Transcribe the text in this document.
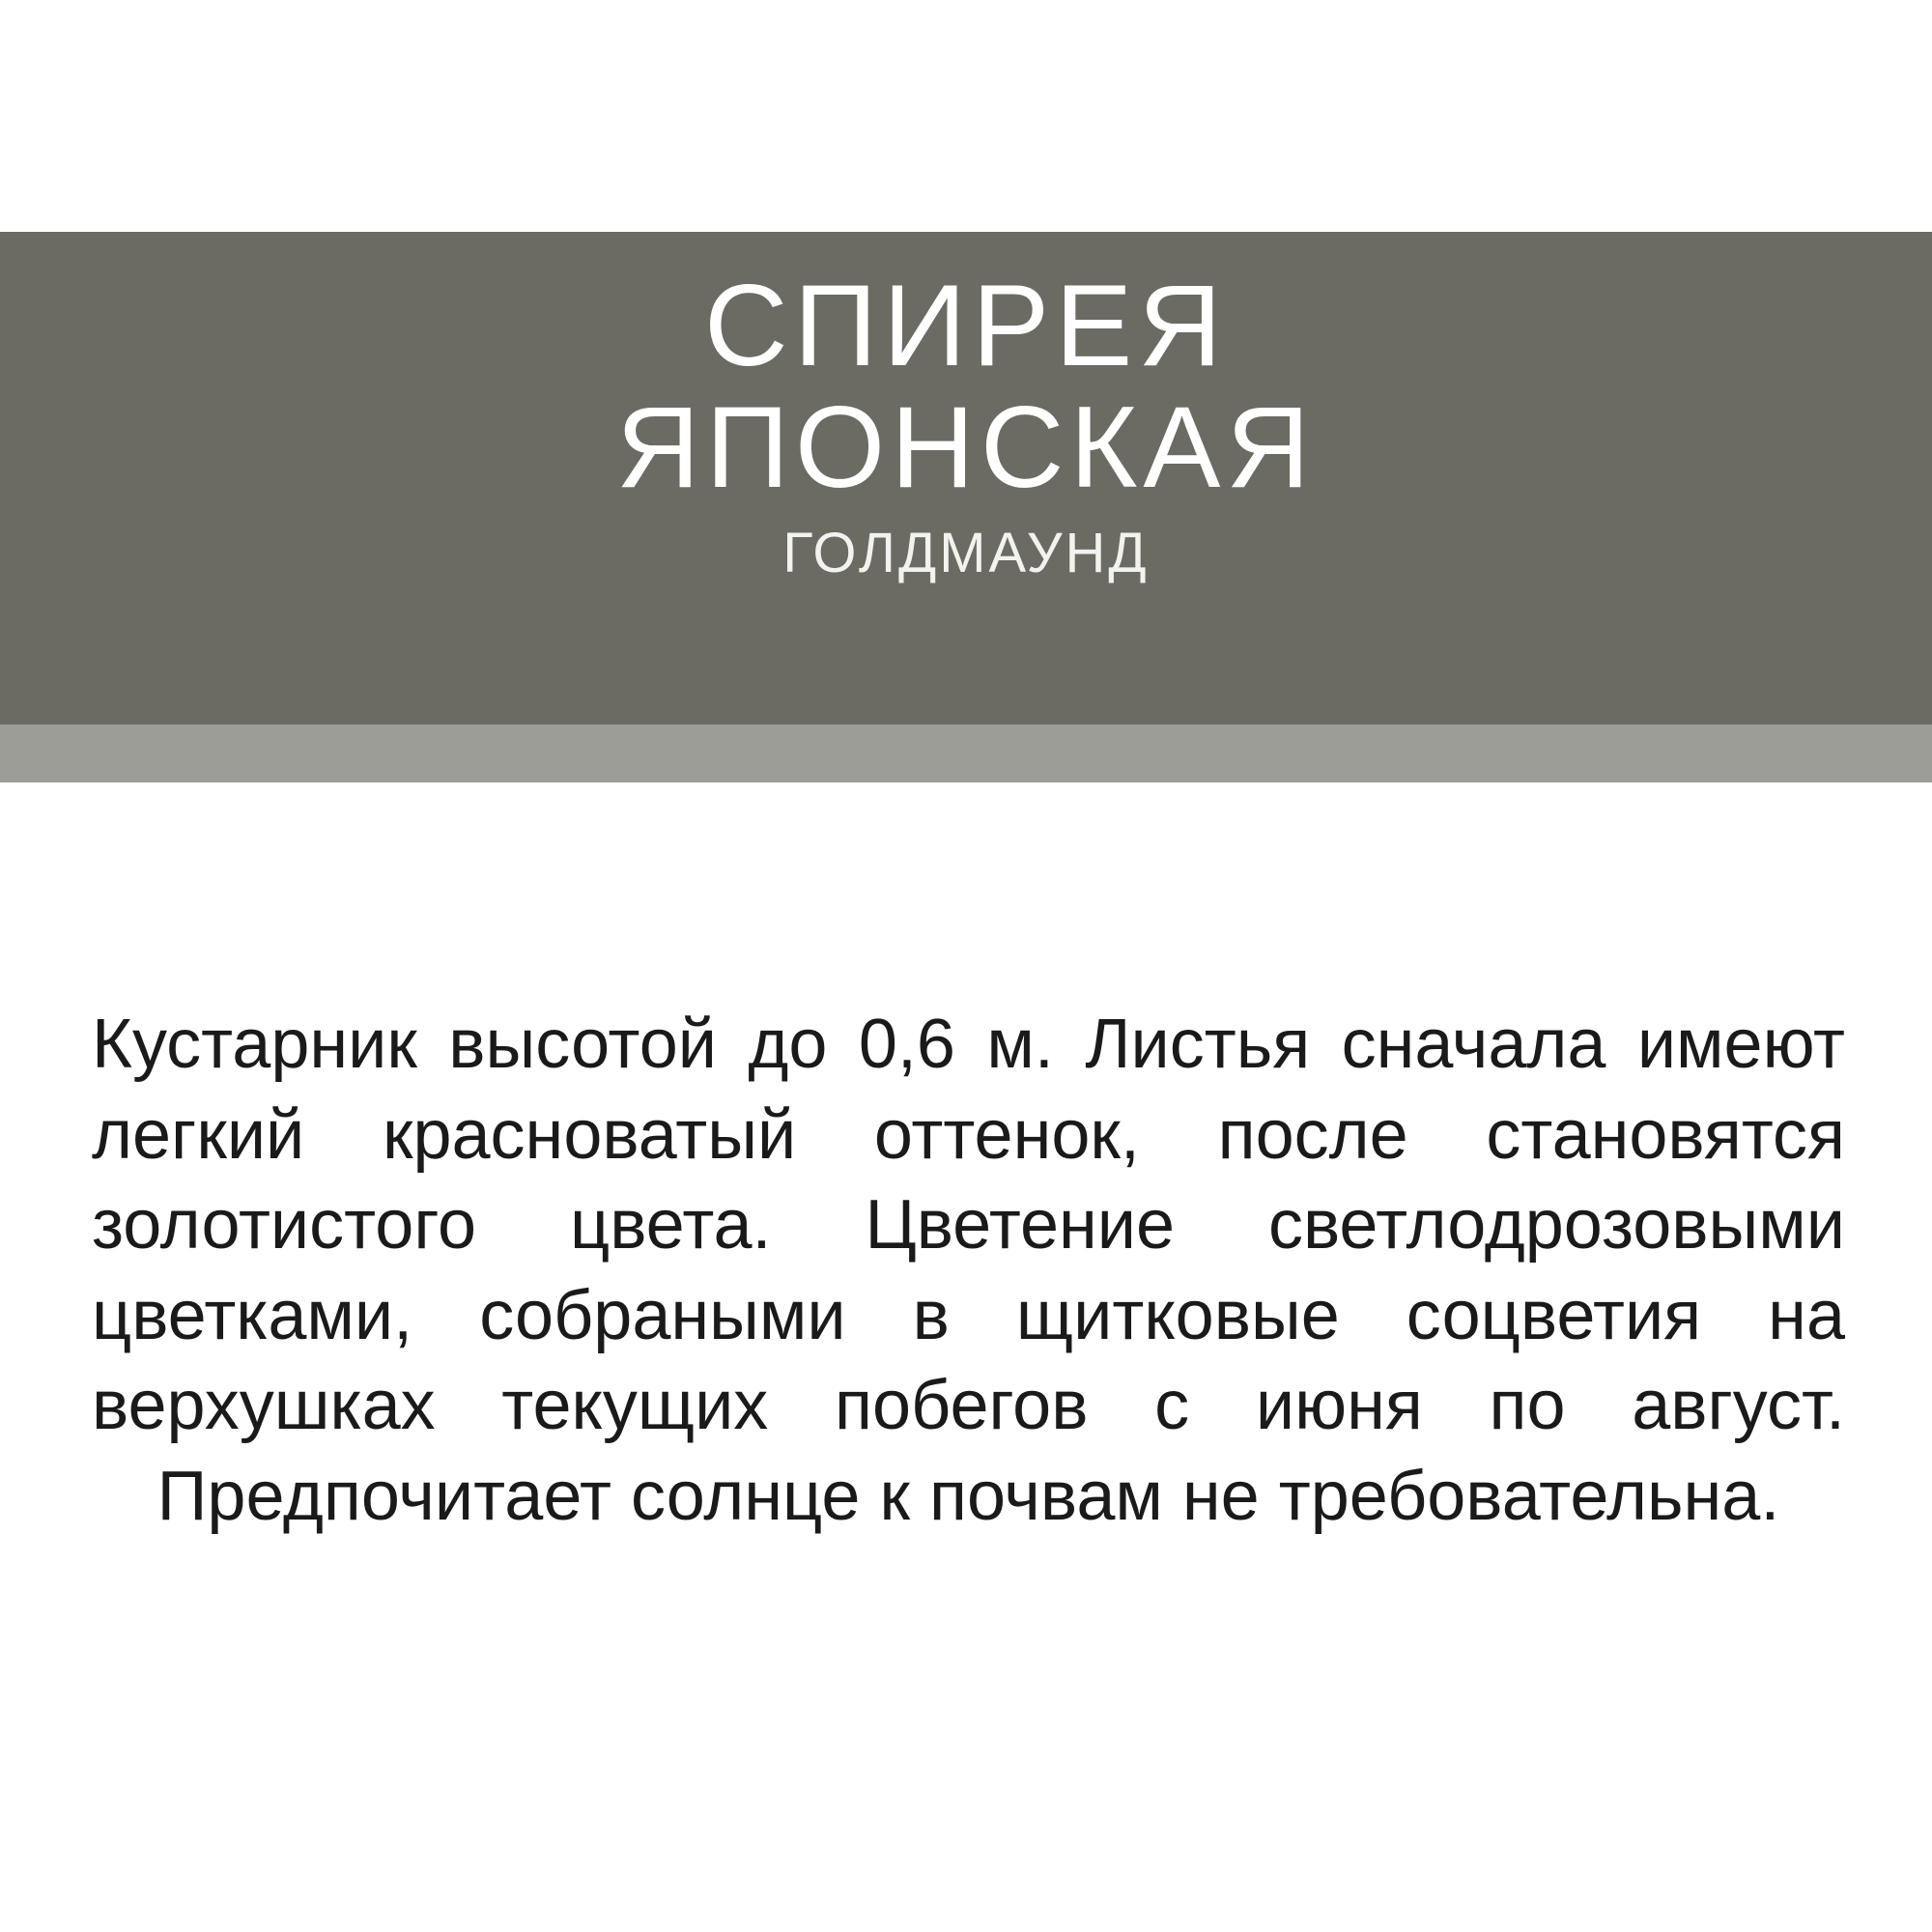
СПИРЕЯ
ЯПОНСКАЯ
ГОЛДМАУНД
Кустарник высотой до 0,6 м. Листья сначала имеют легкий красноватый оттенок, после становятся золотистого цвета. Цветение светлодрозовыми цветками, собраными в щитковые соцветия на верхушках текущих побегов с июня по август. Предпочитает солнце к почвам не требовательна.
